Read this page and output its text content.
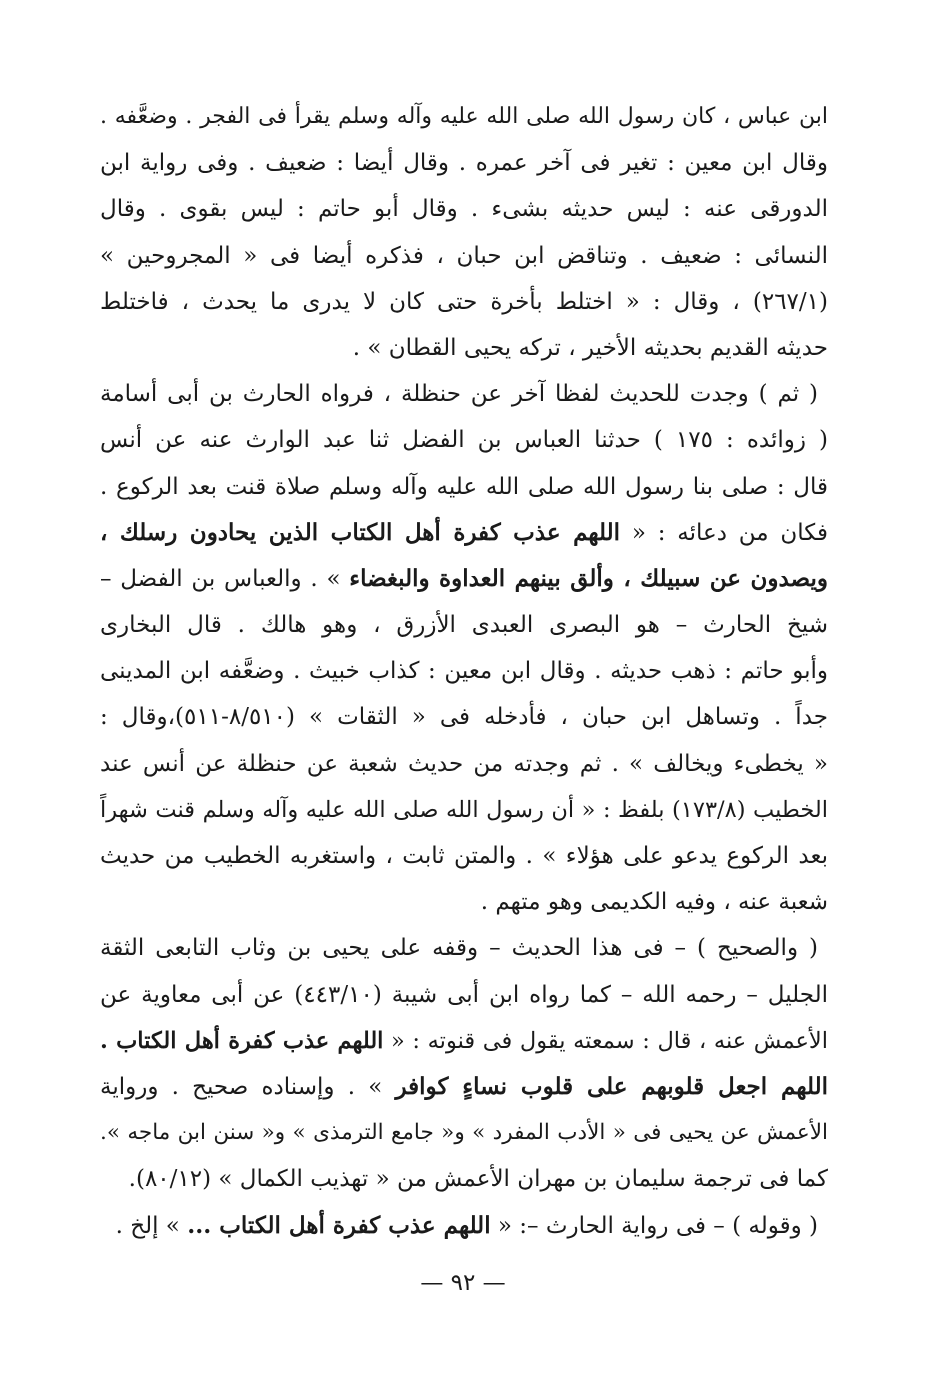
ابن عباس ، كان رسول الله صلى الله عليه وآله وسلم يقرأ فى الفجر . وضعَّفه .
وقال ابن معين : تغير فى آخر عمره . وقال أيضا : ضعيف . وفى رواية ابن
الدورقى عنه : ليس حديثه بشىء . وقال أبو حاتم : ليس بقوى . وقال
النسائى : ضعيف . وتناقض ابن حبان ، فذكره أيضا فى « المجروحين »
(٢٦٧/١) ، وقال : « اختلط بأخرة حتى كان لا يدرى ما يحدث ، فاختلط
حديثه القديم بحديثه الأخير ، تركه يحيى القطان » .
( ثم ) وجدت للحديث لفظا آخر عن حنظلة ، فرواه الحارث بن أبى أسامة
( زوائده : ١٧٥ ) حدثنا العباس بن الفضل ثنا عبد الوارث عنه عن أنس
قال : صلى بنا رسول الله صلى الله عليه وآله وسلم صلاة قنت بعد الركوع .
فكان من دعائه : « اللهم عذب كفرة أهل الكتاب الذين يحادون رسلك ،
ويصدون عن سبيلك ، وألق بينهم العداوة والبغضاء » . والعباس بن الفضل –
شيخ الحارث – هو البصرى العبدى الأزرق ، وهو هالك . قال البخارى
وأبو حاتم : ذهب حديثه . وقال ابن معين : كذاب خبيث . وضعَّفه ابن المدينى
جداً . وتساهل ابن حبان ، فأدخله فى « الثقات » (٨/٥١٠-٥١١)،وقال :
« يخطىء ويخالف » . ثم وجدته من حديث شعبة عن حنظلة عن أنس عند
الخطيب (١٧٣/٨) بلفظ : « أن رسول الله صلى الله عليه وآله وسلم قنت شهراً
بعد الركوع يدعو على هؤلاء » . والمتن ثابت ، واستغربه الخطيب من حديث
شعبة عنه ، وفيه الكديمى وهو متهم .
( والصحيح ) – فى هذا الحديث – وقفه على يحيى بن وثاب التابعى الثقة
الجليل – رحمه الله – كما رواه ابن أبى شيبة (٤٤٣/١٠) عن أبى معاوية عن
الأعمش عنه ، قال : سمعته يقول فى قنوته : « اللهم عذب كفرة أهل الكتاب .
اللهم اجعل قلوبهم على قلوب نساءٍ كوافر » . وإسناده صحيح . ورواية
الأعمش عن يحيى فى « الأدب المفرد » و« جامع الترمذى » و« سنن ابن ماجه ».
كما فى ترجمة سليمان بن مهران الأعمش من « تهذيب الكمال » (٨٠/١٢).
( وقوله ) – فى رواية الحارث –: « اللهم عذب كفرة أهل الكتاب ... » إلخ .
— ٩٢ —
